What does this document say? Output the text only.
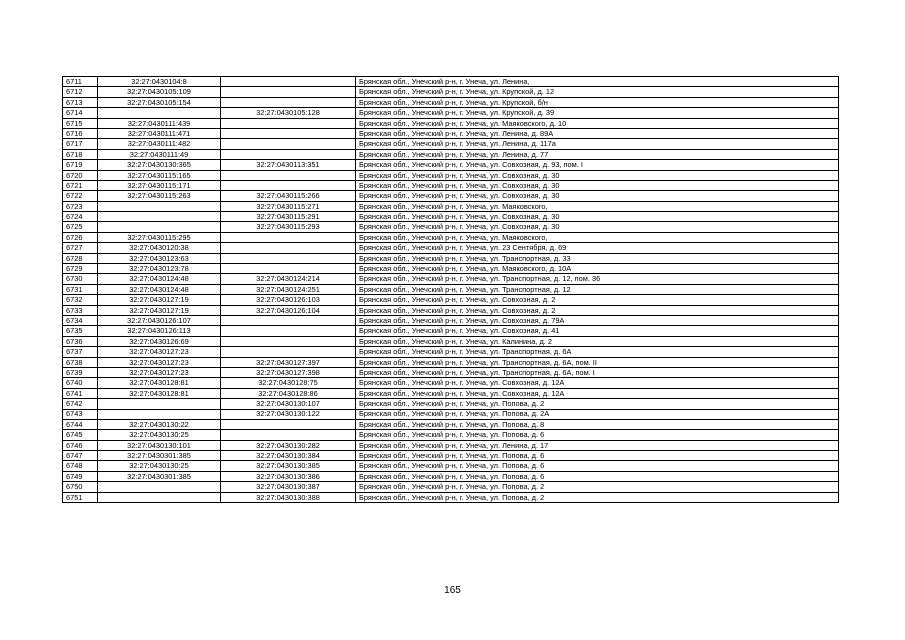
6711	32:27:0430104:8		Брянская обл., Унечский р-н, г. Унеча, ул. Ленина,
6712	32:27:0430105:109		Брянская обл., Унечский р-н, г. Унеча, ул. Крупской, д. 12
6713	32:27:0430105:154		Брянская обл., Унечский р-н, г. Унеча, ул. Крупской, б/н
6714		32:27:0430105:128	Брянская обл., Унечский р-н, г. Унеча, ул. Крупской, д. 39
6715	32:27:0430111:439		Брянская обл., Унечский р-н, г. Унеча, ул. Маяковского, д. 10
6716	32:27:0430111:471		Брянская обл., Унечский р-н, г. Унеча, ул. Ленина, д. 89А
6717	32:27:0430111:482		Брянская обл., Унечский р-н, г. Унеча, ул. Ленина, д. 117а
6718	32:27:0430111:49		Брянская обл., Унечский р-н, г. Унеча, ул. Ленина, д. 77
6719	32:27:0430130:365	32:27:0430113:351	Брянская обл., Унечский р-н, г. Унеча, ул. Совхозная, д. 93, пом. I
6720	32:27:0430115:165		Брянская обл., Унечский р-н, г. Унеча, ул. Совхозная, д. 30
6721	32:27:0430115:171		Брянская обл., Унечский р-н, г. Унеча, ул. Совхозная, д. 30
6722	32:27:0430115:263	32:27:0430115:266	Брянская обл., Унечский р-н, г. Унеча, ул. Совхозная, д. 30
6723		32:27:0430115:271	Брянская обл., Унечский р-н, г. Унеча, ул. Маяковского,
6724		32:27:0430115:291	Брянская обл., Унечский р-н, г. Унеча, ул. Совхозная, д. 30
6725		32:27:0430115:293	Брянская обл., Унечский р-н, г. Унеча, ул. Совхозная, д. 30
6726	32:27:0430115:295		Брянская обл., Унечский р-н, г. Унеча, ул. Маяковского,
6727	32:27:0430120:38		Брянская обл., Унечский р-н, г. Унеча, ул. 23 Сентября, д. 69
6728	32:27:0430123:63		Брянская обл., Унечский р-н, г. Унеча, ул. Транспортная, д. 33
6729	32:27:0430123:78		Брянская обл., Унечский р-н, г. Унеча, ул. Маяковского, д. 10А
6730	32:27:0430124:48	32:27:0430124:214	Брянская обл., Унечский р-н, г. Унеча, ул. Транспортная, д. 12, пом. 36
6731	32:27:0430124:48	32:27:0430124:251	Брянская обл., Унечский р-н, г. Унеча, ул. Транспортная, д. 12
6732	32:27:0430127:19	32:27:0430126:103	Брянская обл., Унечский р-н, г. Унеча, ул. Совхозная, д. 2
6733	32:27:0430127:19	32:27:0430126:104	Брянская обл., Унечский р-н, г. Унеча, ул. Совхозная, д. 2
6734	32:27:0430126:107		Брянская обл., Унечский р-н, г. Унеча, ул. Совхозная, д. 79А
6735	32:27:0430126:113		Брянская обл., Унечский р-н, г. Унеча, ул. Совхозная, д. 41
6736	32:27:0430126:69		Брянская обл., Унечский р-н, г. Унеча, ул. Калинина, д. 2
6737	32:27:0430127:23		Брянская обл., Унечский р-н, г. Унеча, ул. Транспортная, д. 6А
6738	32:27:0430127:23	32:27:0430127:397	Брянская обл., Унечский р-н, г. Унеча, ул. Транспортная, д. 6А, пом. II
6739	32:27:0430127:23	32:27:0430127:398	Брянская обл., Унечский р-н, г. Унеча, ул. Транспортная, д. 6А, пом. I
6740	32:27:0430128:81	32:27:0430128:75	Брянская обл., Унечский р-н, г. Унеча, ул. Совхозная, д. 12А
6741	32:27:0430128:81	32:27:0430128:86	Брянская обл., Унечский р-н, г. Унеча, ул. Совхозная, д. 12А
6742		32:27:0430130:107	Брянская обл., Унечский р-н, г. Унеча, ул. Попова, д. 2
6743		32:27:0430130:122	Брянская обл., Унечский р-н, г. Унеча, ул. Попова, д. 2А
6744	32:27:0430130:22		Брянская обл., Унечский р-н, г. Унеча, ул. Попова, д. 8
6745	32:27:0430130:25		Брянская обл., Унечский р-н, г. Унеча, ул. Попова, д. 6
6746	32:27:0430130:101	32:27:0430130:282	Брянская обл., Унечский р-н, г. Унеча, ул. Ленина, д. 17
6747	32:27:0430301:385	32:27:0430130:384	Брянская обл., Унечский р-н, г. Унеча, ул. Попова, д. 6
6748	32:27:0430130:25	32:27:0430130:385	Брянская обл., Унечский р-н, г. Унеча, ул. Попова, д. 6
6749	32:27:0430301:385	32:27:0430130:386	Брянская обл., Унечский р-н, г. Унеча, ул. Попова, д. 6
6750		32:27:0430130:387	Брянская обл., Унечский р-н, г. Унеча, ул. Попова, д. 2
6751		32:27:0430130:388	Брянская обл., Унечский р-н, г. Унеча, ул. Попова, д. 2
165
